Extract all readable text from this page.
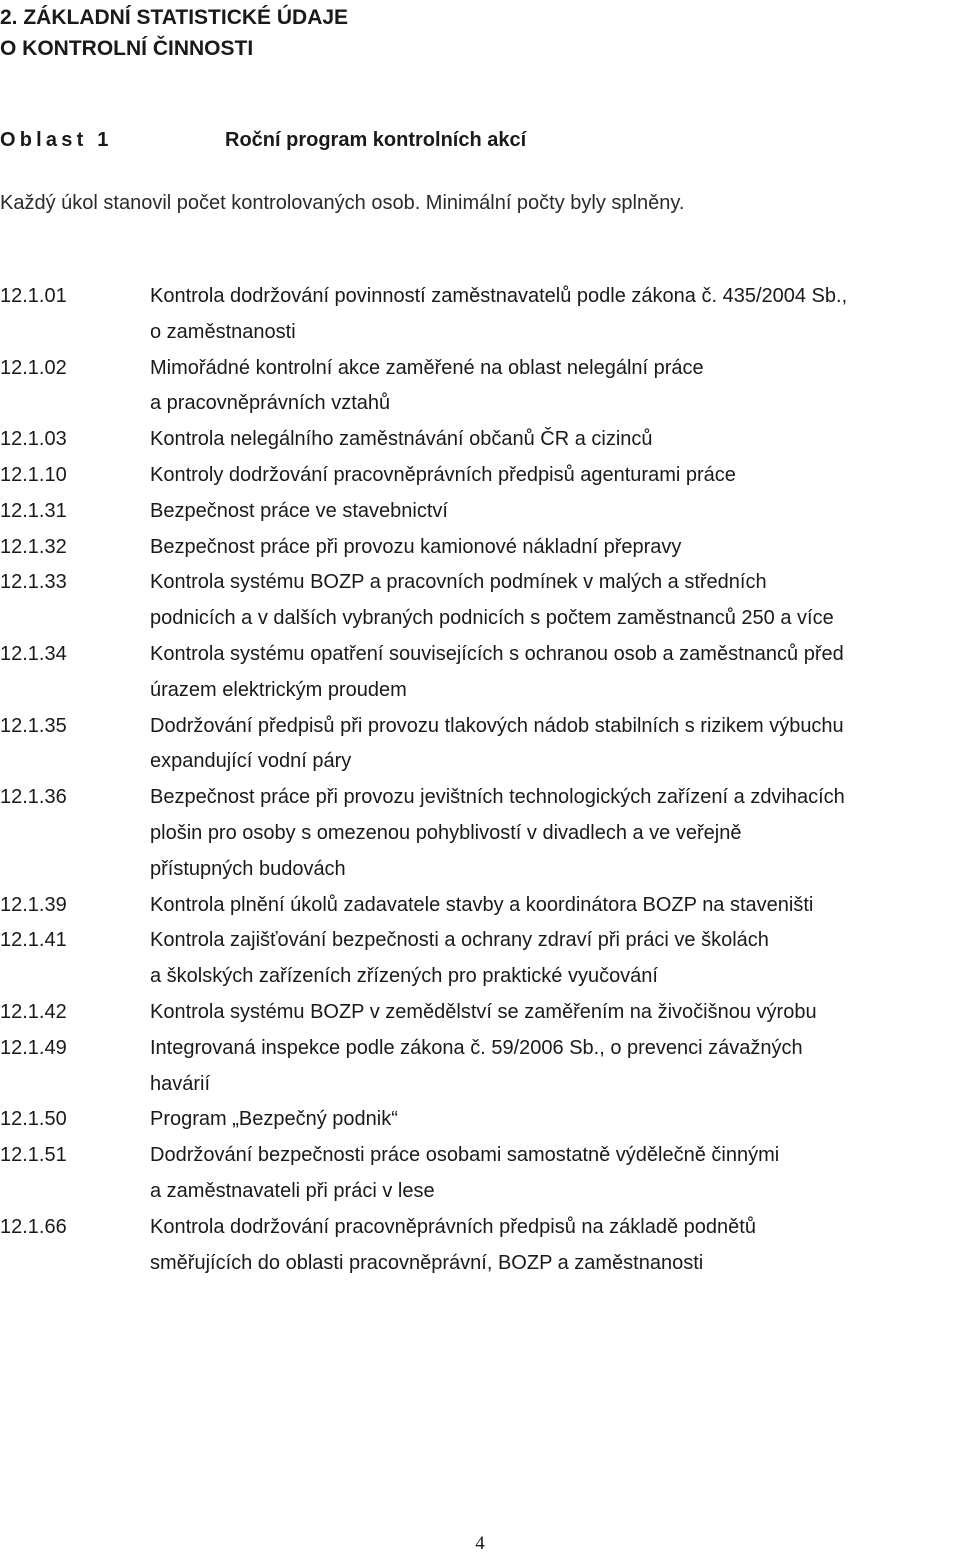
2. ZÁKLADNÍ STATISTICKÉ ÚDAJE
O KONTROLNÍ ČINNOSTI
Oblast 1	Roční program kontrolních akcí
Každý úkol stanovil počet kontrolovaných osob. Minimální počty byly splněny.
12.1.01	Kontrola dodržování povinností zaměstnavatelů podle zákona č. 435/2004 Sb.,
o zaměstnanosti
12.1.02	Mimořádné kontrolní akce zaměřené na oblast nelegální práce
a pracovněprávních vztahů
12.1.03	Kontrola nelegálního zaměstnávání občanů ČR a cizinců
12.1.10	Kontroly dodržování pracovněprávních předpisů agenturami práce
12.1.31	Bezpečnost práce ve stavebnictví
12.1.32	Bezpečnost práce při provozu kamionové nákladní přepravy
12.1.33	Kontrola systému BOZP a pracovních podmínek v malých a středních
podnicích a v dalších vybraných podnicích s počtem zaměstnanců 250 a více
12.1.34	Kontrola systému opatření souvisejících s ochranou osob a zaměstnanců před
úrazem elektrickým proudem
12.1.35	Dodržování předpisů při provozu tlakových nádob stabilních s rizikem výbuchu
expandující vodní páry
12.1.36	Bezpečnost práce při provozu jevištních technologických zařízení a zdvihacích
plošin pro osoby s omezenou pohyblivostí v divadlech a ve veřejně
přístupných budovách
12.1.39	Kontrola plnění úkolů zadavatele stavby a koordinátora BOZP na staveništi
12.1.41	Kontrola zajišťování bezpečnosti a ochrany zdraví při práci ve školách
a školských zařízeních zřízených pro praktické vyučování
12.1.42	Kontrola systému BOZP v zemědělství se zaměřením na živočišnou výrobu
12.1.49	Integrovaná inspekce podle zákona č. 59/2006 Sb., o prevenci závažných
havárií
12.1.50	Program „Bezpečný podnik“
12.1.51	Dodržování bezpečnosti práce osobami samostatně výdělečně činnými
a zaměstnavateli při práci v lese
12.1.66	Kontrola dodržování pracovněprávních předpisů na základě podnětů
směřujících do oblasti pracovněprávní, BOZP a zaměstnanosti
4
